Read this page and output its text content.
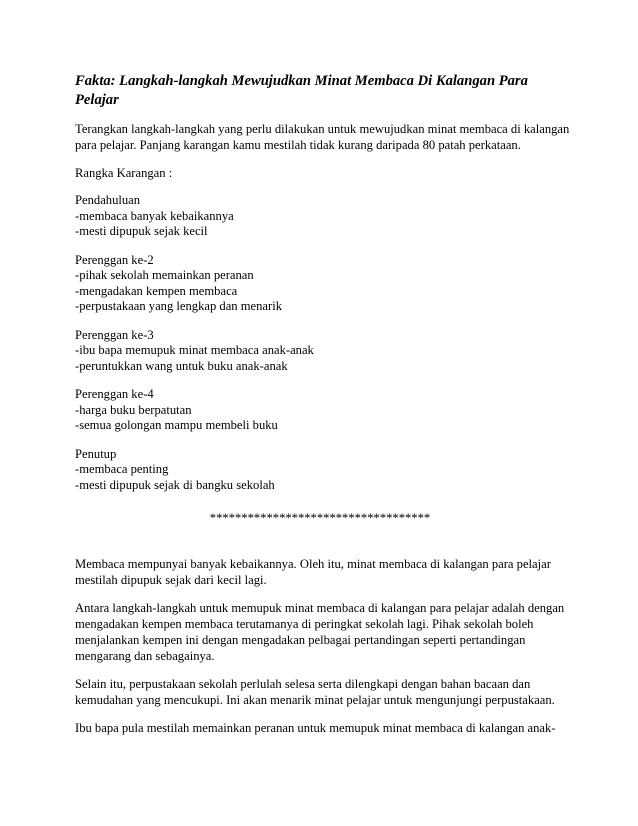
Fakta: Langkah-langkah Mewujudkan Minat Membaca Di Kalangan Para Pelajar
Terangkan langkah-langkah yang perlu dilakukan untuk mewujudkan minat membaca di kalangan para pelajar. Panjang karangan kamu mestilah tidak kurang daripada 80 patah perkataan.
Rangka Karangan :
Pendahuluan
-membaca banyak kebaikannya
-mesti dipupuk sejak kecil
Perenggan ke-2
-pihak sekolah memainkan peranan
-mengadakan kempen membaca
-perpustakaan yang lengkap dan menarik
Perenggan ke-3
-ibu bapa memupuk minat membaca anak-anak
-peruntukkan wang untuk buku anak-anak
Perenggan ke-4
-harga buku berpatutan
-semua golongan mampu membeli buku
Penutup
-membaca penting
-mesti dipupuk sejak di bangku sekolah
***********************************
Membaca mempunyai banyak kebaikannya. Oleh itu, minat membaca di kalangan para pelajar mestilah dipupuk sejak dari kecil lagi.
Antara langkah-langkah untuk memupuk minat membaca di kalangan para pelajar adalah dengan mengadakan kempen membaca terutamanya di peringkat sekolah lagi. Pihak sekolah boleh menjalankan kempen ini dengan mengadakan pelbagai pertandingan seperti pertandingan mengarang dan sebagainya.
Selain itu, perpustakaan sekolah perlulah selesa serta dilengkapi dengan bahan bacaan dan kemudahan yang mencukupi. Ini akan menarik minat pelajar untuk mengunjungi perpustakaan.
Ibu bapa pula mestilah memainkan peranan untuk memupuk minat membaca di kalangan anak-
